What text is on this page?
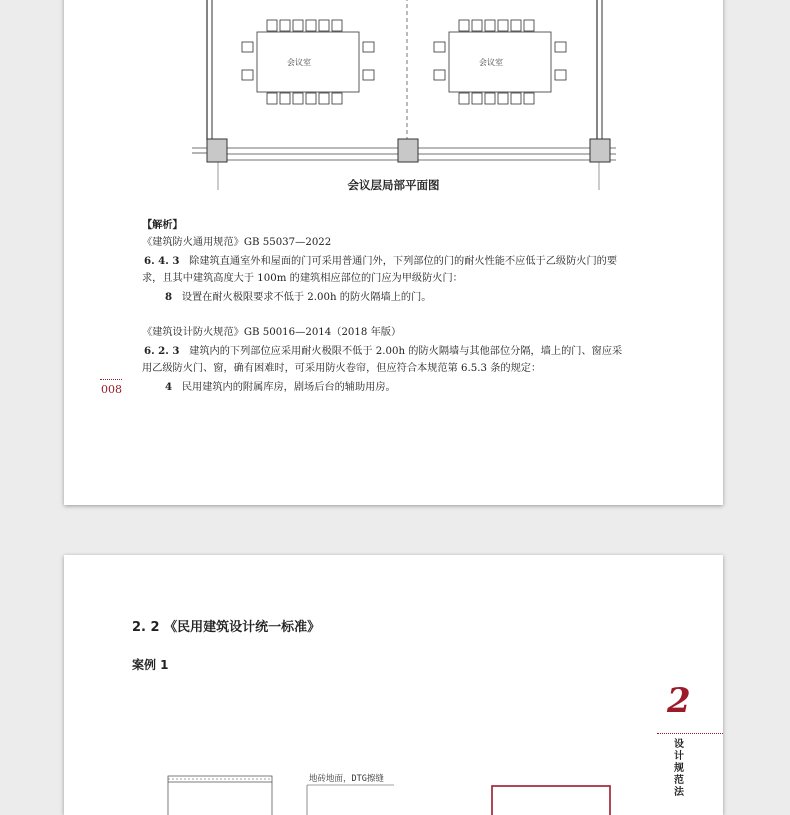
会议室	会议室
会议层局部平面图
【解析】
《建筑防火通用规范》GB 55037—2022
6. 4. 3 除建筑直通室外和屋面的门可采用普通门外，下列部位的门的耐火性能不应低于乙级防火门的要
求，且其中建筑高度大于 100m 的建筑相应部位的门应为甲级防火门：
8 设置在耐火极限要求不低于 2.00h 的防火隔墙上的门。
《建筑设计防火规范》GB 50016—2014（2018 年版）
6. 2. 3 建筑内的下列部位应采用耐火极限不低于 2.00h 的防火隔墙与其他部位分隔，墙上的门、窗应采
用乙级防火门、窗，确有困难时，可采用防火卷帘，但应符合本规范第 6.5.3 条的规定：
4 民用建筑内的附属库房，剧场后台的辅助用房。
008
2. 2 《民用建筑设计统一标准》
案例 1
2
设计规范法
地砖地面，DTG擦缝
